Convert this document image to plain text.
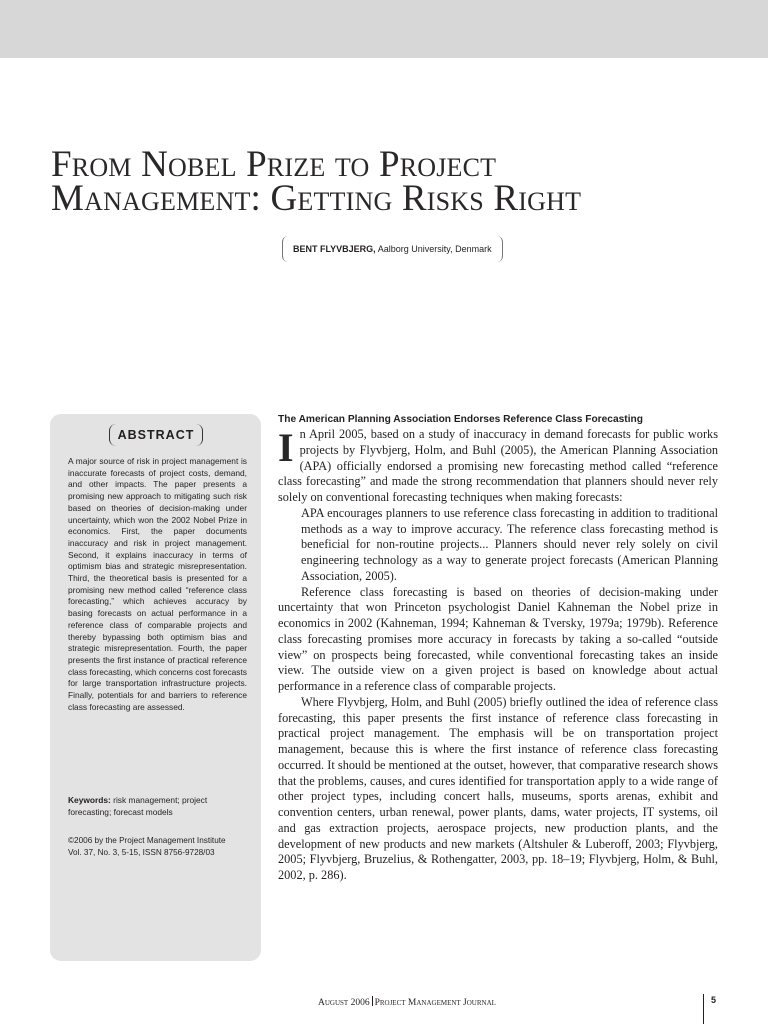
From Nobel Prize to Project Management: Getting Risks Right
BENT FLYVBJERG, Aalborg University, Denmark
ABSTRACT

A major source of risk in project management is inaccurate forecasts of project costs, demand, and other impacts. The paper presents a promising new approach to mitigating such risk based on theories of decision-making under uncertainty, which won the 2002 Nobel Prize in economics. First, the paper documents inaccuracy and risk in project management. Second, it explains inaccuracy in terms of optimism bias and strategic misrepresentation. Third, the theoretical basis is presented for a promising new method called “reference class forecasting,” which achieves accuracy by basing forecasts on actual performance in a reference class of comparable projects and thereby bypassing both optimism bias and strategic misrepresentation. Fourth, the paper presents the first instance of practical reference class forecasting, which concerns cost forecasts for large transportation infrastructure projects. Finally, potentials for and barriers to reference class forecasting are assessed.

Keywords: risk management; project forecasting; forecast models

©2006 by the Project Management Institute
Vol. 37, No. 3, 5-15, ISSN 8756-9728/03

The American Planning Association Endorses Reference Class Forecasting

In April 2005, based on a study of inaccuracy in demand forecasts for public works projects by Flyvbjerg, Holm, and Buhl (2005), the American Planning Association (APA) officially endorsed a promising new forecasting method called “reference class forecasting” and made the strong recommendation that planners should never rely solely on conventional forecasting techniques when making forecasts:

APA encourages planners to use reference class forecasting in addition to traditional methods as a way to improve accuracy. The reference class forecasting method is beneficial for non-routine projects... Planners should never rely solely on civil engineering technology as a way to generate project forecasts (American Planning Association, 2005).

Reference class forecasting is based on theories of decision-making under uncertainty that won Princeton psychologist Daniel Kahneman the Nobel prize in economics in 2002 (Kahneman, 1994; Kahneman & Tversky, 1979a; 1979b). Reference class forecasting promises more accuracy in forecasts by taking a so-called “outside view” on prospects being forecasted, while conventional forecasting takes an inside view. The outside view on a given project is based on knowledge about actual performance in a reference class of comparable projects.

Where Flyvbjerg, Holm, and Buhl (2005) briefly outlined the idea of reference class forecasting, this paper presents the first instance of reference class forecasting in practical project management. The emphasis will be on transportation project management, because this is where the first instance of reference class forecasting occurred. It should be mentioned at the outset, however, that comparative research shows that the problems, causes, and cures identified for transportation apply to a wide range of other project types, including concert halls, museums, sports arenas, exhibit and convention centers, urban renewal, power plants, dams, water projects, IT systems, oil and gas extraction projects, aerospace projects, new production plants, and the development of new products and new markets (Altshuler & Luberoff, 2003; Flyvbjerg, 2005; Flyvbjerg, Bruzelius, & Rothengatter, 2003, pp. 18–19; Flyvbjerg, Holm, & Buhl, 2002, p. 286).

August 2006 Project Management Journal	5
